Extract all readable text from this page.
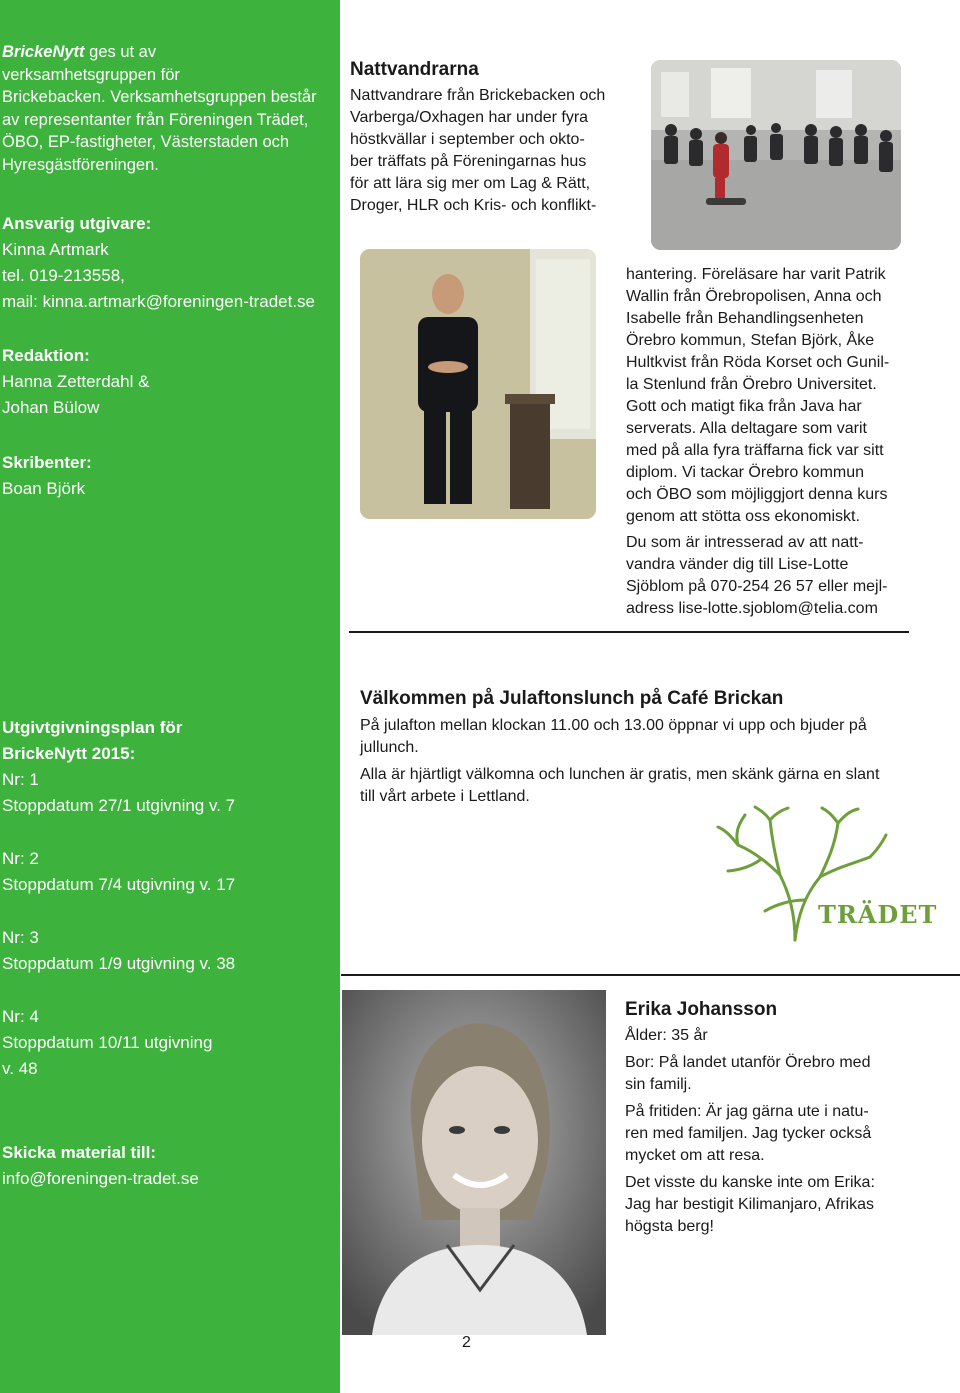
BrickeNytt ges ut av
verksamhetsgruppen för
Brickebacken. Verksamhetsgruppen består
av representanter från Föreningen Trädet,
ÖBO, EP-fastigheter, Västerstaden och
Hyresgästföreningen.
Ansvarig utgivare:
Kinna Artmark
tel. 019-213558,
mail: kinna.artmark@foreningen-tradet.se
Redaktion:
Hanna Zetterdahl &
Johan Bülow
Skribenter:
Boan Björk
Utgivtgivningsplan för
BrickeNytt 2015:
Nr: 1
Stoppdatum 27/1 utgivning v. 7
Nr: 2
Stoppdatum 7/4 utgivning v. 17
Nr: 3
Stoppdatum 1/9 utgivning v. 38
Nr: 4
Stoppdatum 10/11 utgivning
v. 48
Skicka material till:
info@foreningen-tradet.se
Nattvandrarna
Nattvandrare från Brickebacken och
Varberga/Oxhagen har under fyra
höstkvällar i september och okto-
ber träffats på Föreningarnas hus
för att lära sig mer om Lag & Rätt,
Droger, HLR och Kris- och konflikt-
hantering. Föreläsare har varit Patrik
Wallin från Örebropolisen, Anna och
Isabelle från Behandlingsenheten
Örebro kommun, Stefan Björk, Åke
Hultkvist från Röda Korset och Gunil-
la Stenlund från Örebro Universitet.
Gott och matigt fika från Java har
serverats. Alla deltagare som varit
med på alla fyra träffarna fick var sitt
diplom. Vi tackar Örebro kommun
och ÖBO som möjliggjort denna kurs
genom att stötta oss ekonomiskt.
Du som är intresserad av att natt-
vandra vänder dig till Lise-Lotte
Sjöblom på 070-254 26 57 eller mejl-
adress lise-lotte.sjoblom@telia.com
Välkommen på Julaftonslunch på Café Brickan
På julafton mellan klockan 11.00 och 13.00 öppnar vi upp och bjuder på
jullunch.
Alla är hjärtligt välkomna och lunchen är gratis, men skänk gärna en slant
till vårt arbete i Lettland.
TRÄDET
Erika Johansson
Ålder: 35 år
Bor: På landet utanför Örebro med
sin familj.
På fritiden: Är jag gärna ute i natu-
ren med familjen. Jag tycker också
mycket om att resa.
Det visste du kanske inte om Erika:
Jag har bestigit Kilimanjaro, Afrikas
högsta berg!
2
